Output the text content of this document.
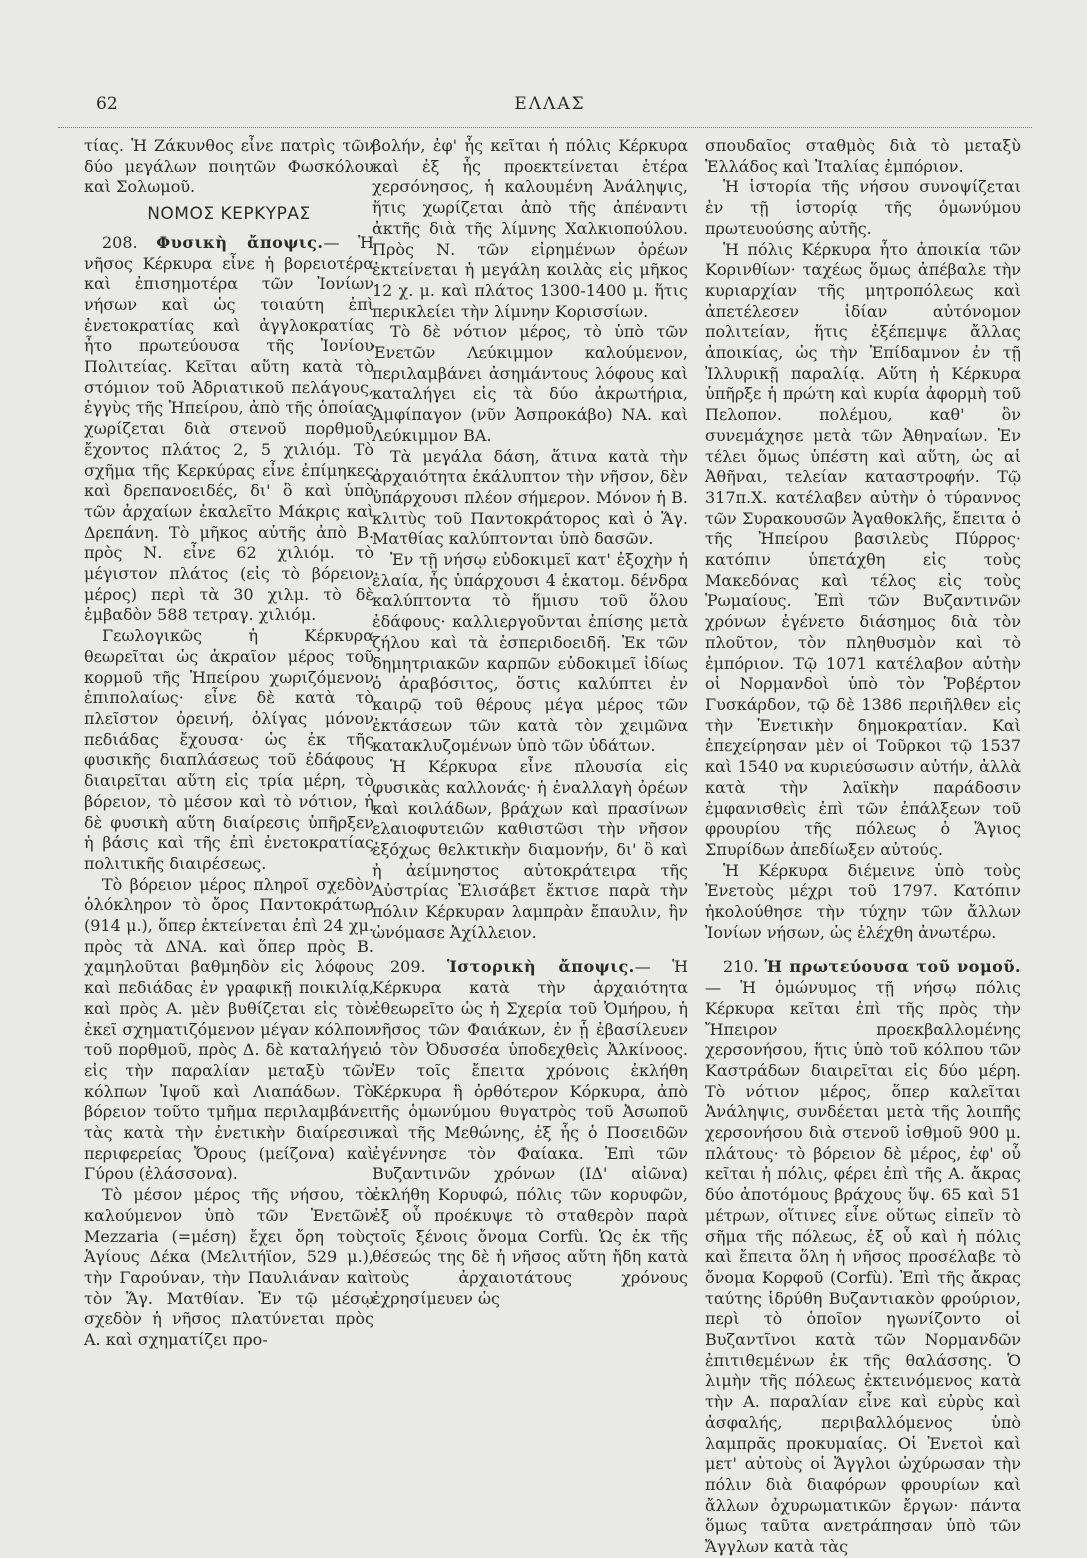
62	ΕΛΛΑΣ

τίας. Ἡ Ζάκυνθος εἶνε πατρὶς τῶν δύο μεγάλων ποιητῶν Φωσκόλου καὶ Σολωμοῦ.

ΝΟΜΟΣ ΚΕΡΚΥΡΑΣ

208. Φυσικὴ ἄποψις.— Ἡ νῆσος Κέρκυρα εἶνε ἡ βορειοτέρα καὶ ἐπισημοτέρα τῶν Ἰονίων νήσων καὶ ὡς τοιαύτη ἐπὶ ἐνετοκρατίας καὶ ἀγγλοκρατίας ἦτο πρωτεύουσα τῆς Ἰονίου Πολιτείας. Κεῖται αὕτη κατὰ τὸ στόμιον τοῦ Ἀδριατικοῦ πελάγους, ἐγγὺς τῆς Ἠπείρου, ἀπὸ τῆς ὁποίας χωρίζεται διὰ στενοῦ πορθμοῦ ἔχοντος πλάτος 2, 5 χιλιόμ. Τὸ σχῆμα τῆς Κερκύρας εἶνε ἐπίμηκες καὶ δρεπανοειδές, δι' ὃ καὶ ὑπὸ τῶν ἀρχαίων ἐκαλεῖτο Μάκρις καὶ Δρεπάνη. Τὸ μῆκος αὐτῆς ἀπὸ Β. πρὸς Ν. εἶνε 62 χιλιόμ. τὸ μέγιστον πλάτος (εἰς τὸ βόρειον μέρος) περὶ τὰ 30 χιλμ. τὸ δὲ ἐμβαδὸν 588 τετραγ. χιλιόμ.

Γεωλογικῶς ἡ Κέρκυρα θεωρεῖται ὡς ἀκραῖον μέρος τοῦ κορμοῦ τῆς Ἠπείρου χωριζόμενον ἐπιπολαίως· εἶνε δὲ κατὰ τὸ πλεῖστον ὀρεινή, ὀλίγας μόνον πεδιάδας ἔχουσα· ὡς ἐκ τῆς φυσικῆς διαπλάσεως τοῦ ἐδάφους διαιρεῖται αὕτη εἰς τρία μέρη, τὸ βόρειον, τὸ μέσον καὶ τὸ νότιον, ἡ δὲ φυσικὴ αὕτη διαίρεσις ὑπῆρξεν ἡ βάσις καὶ τῆς ἐπὶ ἐνετοκρατίας πολιτικῆς διαιρέσεως.

Τὸ βόρειον μέρος πληροῖ σχεδὸν ὁλόκληρον τὸ ὄρος Παντοκράτωρ (914 μ.), ὅπερ ἐκτείνεται ἐπὶ 24 χμ. πρὸς τὰ ΔΝΑ. καὶ ὅπερ πρὸς Β. χαμηλοῦται βαθμηδὸν εἰς λόφους καὶ πεδιάδας ἐν γραφικῇ ποικιλίᾳ, καὶ πρὸς Α. μὲν βυθίζεται εἰς τὸν ἐκεῖ σχηματιζόμενον μέγαν κόλπον τοῦ πορθμοῦ, πρὸς Δ. δὲ καταλήγει εἰς τὴν παραλίαν μεταξὺ τῶν κόλπων Ἰψοῦ καὶ Λιαπάδων. Τὸ βόρειον τοῦτο τμῆμα περιλαμβάνει τὰς κατὰ τὴν ἐνετικὴν διαίρεσιν περιφερείας Ὄρους (μείζονα) καὶ Γύρου (ἐλάσσονα).

Τὸ μέσον μέρος τῆς νήσου, τὸ καλούμενον ὑπὸ τῶν Ἐνετῶν Mezzaria (=μέση) ἔχει ὄρη τοὺς Ἁγίους Δέκα (Μελιτήϊον, 529 μ.), τὴν Γαρούναν, τὴν Παυλιάναν καὶ τὸν Ἅγ. Ματθίαν. Ἐν τῷ μέσῳ σχεδὸν ἡ νῆσος πλατύνεται πρὸς Α. καὶ σχηματίζει προ-

βολήν, ἐφ' ἧς κεῖται ἡ πόλις Κέρκυρα καὶ ἐξ ἧς προεκτείνεται ἑτέρα χερσόνησος, ἡ καλουμένη Ἀνάληψις, ἥτις χωρίζεται ἀπὸ τῆς ἀπέναντι ἀκτῆς διὰ τῆς λίμνης Χαλκιοπούλου. Πρὸς Ν. τῶν εἰρημένων ὀρέων ἐκτείνεται ἡ μεγάλη κοιλὰς εἰς μῆκος 12 χ. μ. καὶ πλάτος 1300-1400 μ. ἥτις περικλείει τὴν λίμνην Κορισσίων.

Τὸ δὲ νότιον μέρος, τὸ ὑπὸ τῶν Ἐνετῶν Λεύκιμμον καλούμενον, περιλαμβάνει ἀσημάντους λόφους καὶ καταλήγει εἰς τὰ δύο ἀκρωτήρια, Ἀμφίπαγον (νῦν Ἀσπροκάβο) ΝΑ. καὶ Λεύκιμμον ΒΑ.

Τὰ μεγάλα δάση, ἅτινα κατὰ τὴν ἀρχαιότητα ἐκάλυπτον τὴν νῆσον, δὲν ὑπάρχουσι πλέον σήμερον. Μόνον ἡ Β. κλιτὺς τοῦ Παντοκράτορος καὶ ὁ Ἅγ. Ματθίας καλύπτονται ὑπὸ δασῶν.

Ἐν τῇ νήσῳ εὐδοκιμεῖ κατ' ἐξοχὴν ἡ ἐλαία, ἧς ὑπάρχουσι 4 ἑκατομ. δένδρα καλύπτοντα τὸ ἥμισυ τοῦ ὅλου ἐδάφους· καλλιεργοῦνται ἐπίσης μετὰ ζήλου καὶ τὰ ἑσπεριδοειδῆ. Ἐκ τῶν δημητριακῶν καρπῶν εὐδοκιμεῖ ἰδίως ὁ ἀραβόσιτος, ὅστις καλύπτει ἐν καιρῷ τοῦ θέρους μέγα μέρος τῶν ἐκτάσεων τῶν κατὰ τὸν χειμῶνα κατακλυζομένων ὑπὸ τῶν ὑδάτων.

Ἡ Κέρκυρα εἶνε πλουσία εἰς φυσικὰς καλλονάς· ἡ ἐναλλαγὴ ὀρέων καὶ κοιλάδων, βράχων καὶ πρασίνων ελαιοφυτειῶν καθιστῶσι τὴν νῆσον ἐξόχως θελκτικὴν διαμονήν, δι' ὃ καὶ ἡ ἀείμνηστος αὐτοκράτειρα τῆς Αὐστρίας Ἐλισάβετ ἔκτισε παρὰ τὴν πόλιν Κέρκυραν λαμπρὰν ἔπαυλιν, ἣν ὠνόμασε Ἀχίλλειον.

209. Ἱστορικὴ ἄποψις.— Ἡ Κέρκυρα κατὰ τὴν ἀρχαιότητα ἐθεωρεῖτο ὡς ἡ Σχερία τοῦ Ὁμήρου, ἡ νῆσος τῶν Φαιάκων, ἐν ᾗ ἐβασίλευεν ὁ τὸν Ὀδυσσέα ὑποδεχθεὶς Ἀλκίνοος. Ἐν τοῖς ἔπειτα χρόνοις ἐκλήθη Κέρκυρα ἢ ὀρθότερον Κόρκυρα, ἀπὸ τῆς ὁμωνύμου θυγατρὸς τοῦ Ἀσωποῦ καὶ τῆς Μεθώνης, ἐξ ἧς ὁ Ποσειδῶν ἐγέννησε τὸν Φαίακα. Ἐπὶ τῶν Βυζαντινῶν χρόνων (ΙΔ' αἰῶνα) ἐκλήθη Κορυφώ, πόλις τῶν κορυφῶν, ἐξ οὗ προέκυψε τὸ σταθερὸν παρὰ τοῖς ξένοις ὄνομα Corfù. Ὡς ἐκ τῆς θέσεώς της δὲ ἡ νῆσος αὕτη ἤδη κατὰ τοὺς ἀρχαιοτάτους χρόνους ἐχρησίμευεν ὡς

σπουδαῖος σταθμὸς διὰ τὸ μεταξὺ Ἑλλάδος καὶ Ἰταλίας ἐμπόριον.

Ἡ ἱστορία τῆς νήσου συνοψίζεται ἐν τῇ ἱστορίᾳ τῆς ὁμωνύμου πρωτευούσης αὐτῆς.

Ἡ πόλις Κέρκυρα ἦτο ἀποικία τῶν Κορινθίων· ταχέως ὅμως ἀπέβαλε τὴν κυριαρχίαν τῆς μητροπόλεως καὶ ἀπετέλεσεν ἰδίαν αὐτόνομον πολιτείαν, ἥτις ἐξέπεμψε ἄλλας ἀποικίας, ὡς τὴν Ἐπίδαμνον ἐν τῇ Ἰλλυρικῇ παραλίᾳ. Αὕτη ἡ Κέρκυρα ὑπῆρξε ἡ πρώτη καὶ κυρία ἀφορμὴ τοῦ Πελοπον. πολέμου, καθ' ὃν συνεμάχησε μετὰ τῶν Ἀθηναίων. Ἐν τέλει ὅμως ὑπέστη καὶ αὕτη, ὡς αἱ Ἀθῆναι, τελείαν καταστροφήν. Τῷ 317π.Χ. κατέλαβεν αὐτὴν ὁ τύραννος τῶν Συρακουσῶν Ἀγαθοκλῆς, ἔπειτα ὁ τῆς Ἠπείρου βασιλεὺς Πύρρος· κατόπιν ὑπετάχθη εἰς τοὺς Μακεδόνας καὶ τέλος εἰς τοὺς Ῥωμαίους. Ἐπὶ τῶν Βυζαντινῶν χρόνων ἐγένετο διάσημος διὰ τὸν πλοῦτον, τὸν πληθυσμὸν καὶ τὸ ἐμπόριον. Τῷ 1071 κατέλαβον αὐτὴν οἱ Νορμανδοὶ ὑπὸ τὸν Ῥοβέρτον Γυσκάρδον, τῷ δὲ 1386 περιῆλθεν εἰς τὴν Ἐνετικὴν δημοκρατίαν. Καὶ ἐπεχείρησαν μὲν οἱ Τοῦρκοι τῷ 1537 καὶ 1540 να κυριεύσωσιν αὐτήν, ἀλλὰ κατὰ τὴν λαϊκὴν παράδοσιν ἐμφανισθεὶς ἐπὶ τῶν ἐπάλξεων τοῦ φρουρίου τῆς πόλεως ὁ Ἅγιος Σπυρίδων ἀπεδίωξεν αὐτούς.

Ἡ Κέρκυρα διέμεινε ὑπὸ τοὺς Ἐνετοὺς μέχρι τοῦ 1797. Κατόπιν ἠκολούθησε τὴν τύχην τῶν ἄλλων Ἰονίων νήσων, ὡς ἐλέχθη ἀνωτέρω.

210. Ἡ πρωτεύουσα τοῦ νομοῦ.— Ἡ ὁμώνυμος τῇ νήσῳ πόλις Κέρκυρα κεῖται ἐπὶ τῆς πρὸς τὴν Ἤπειρον προεκβαλλομένης χερσονήσου, ἥτις ὑπὸ τοῦ κόλπου τῶν Καστράδων διαιρεῖται εἰς δύο μέρη. Τὸ νότιον μέρος, ὅπερ καλεῖται Ἀνάληψις, συνδέεται μετὰ τῆς λοιπῆς χερσονήσου διὰ στενοῦ ἰσθμοῦ 900 μ. πλάτους· τὸ βόρειον δὲ μέρος, ἐφ' οὗ κεῖται ἡ πόλις, φέρει ἐπὶ τῆς Α. ἄκρας δύο ἀποτόμους βράχους ὕψ. 65 καὶ 51 μέτρων, οἵτινες εἶνε οὕτως εἰπεῖν τὸ σῆμα τῆς πόλεως, ἐξ οὗ καὶ ἡ πόλις καὶ ἔπειτα ὅλη ἡ νῆσος προσέλαβε τὸ ὄνομα Κορφοῦ (Corfù). Ἐπὶ τῆς ἄκρας ταύτης ἱδρύθη Βυζαντιακὸν φρούριον, περὶ τὸ ὁποῖον ηγωνίζοντο οἱ Βυζαντῖνοι κατὰ τῶν Νορμανδῶν ἐπιτιθεμένων ἐκ τῆς θαλάσσης. Ὁ λιμὴν τῆς πόλεως ἐκτεινόμενος κατὰ τὴν Α. παραλίαν εἶνε καὶ εὐρὺς καὶ ἀσφαλής, περιβαλλόμενος ὑπὸ λαμπρᾶς προκυμαίας. Οἱ Ἐνετοὶ καὶ μετ' αὐτοὺς οἱ Ἄγγλοι ὠχύρωσαν τὴν πόλιν διὰ διαφόρων φρουρίων καὶ ἄλλων ὀχυρωματικῶν ἔργων· πάντα ὅμως ταῦτα ανετράπησαν ὑπὸ τῶν Ἄγγλων κατὰ τὰς
